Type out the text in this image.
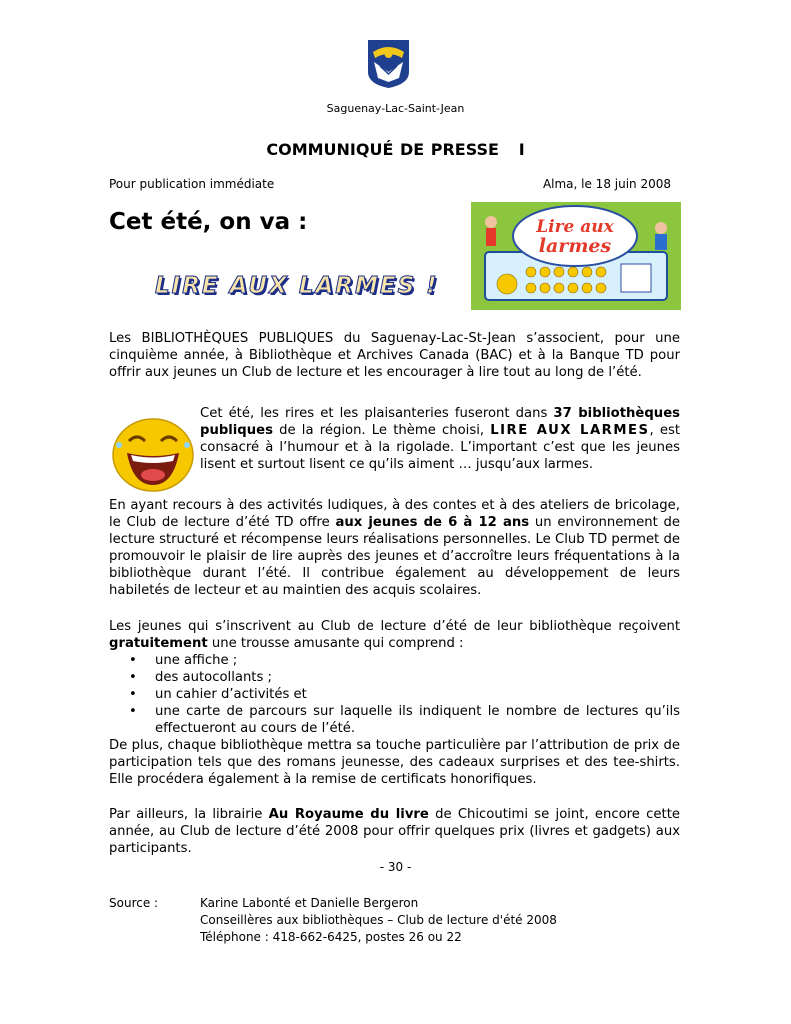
Saguenay-Lac-Saint-Jean
COMMUNIQUÉ DE PRESSE I
Pour publication immédiate	Alma, le 18 juin 2008
Cet été, on va :
LIRE AUX LARMES !
Lire aux
larmes
Les BIBLIOTHÈQUES PUBLIQUES du Saguenay-Lac-St-Jean s’associent, pour une cinquième année, à Bibliothèque et Archives Canada (BAC) et à la Banque TD pour offrir aux jeunes un Club de lecture et les encourager à lire tout au long de l’été.
Cet été, les rires et les plaisanteries fuseront dans 37 bibliothèques publiques de la région. Le thème choisi, LIRE AUX LARMES, est consacré à l’humour et à la rigolade. L’important c’est que les jeunes lisent et surtout lisent ce qu’ils aiment … jusqu’aux larmes.
En ayant recours à des activités ludiques, à des contes et à des ateliers de bricolage, le Club de lecture d’été TD offre aux jeunes de 6 à 12 ans un environnement de lecture structuré et récompense leurs réalisations personnelles. Le Club TD permet de promouvoir le plaisir de lire auprès des jeunes et d’accroître leurs fréquentations à la bibliothèque durant l’été. Il contribue également au développement de leurs habiletés de lecteur et au maintien des acquis scolaires.
Les jeunes qui s’inscrivent au Club de lecture d’été de leur bibliothèque reçoivent gratuitement une trousse amusante qui comprend :
• une affiche ;
• des autocollants ;
• un cahier d’activités et
• une carte de parcours sur laquelle ils indiquent le nombre de lectures qu’ils effectueront au cours de l’été.
De plus, chaque bibliothèque mettra sa touche particulière par l’attribution de prix de participation tels que des romans jeunesse, des cadeaux surprises et des tee-shirts. Elle procédera également à la remise de certificats honorifiques.
Par ailleurs, la librairie Au Royaume du livre de Chicoutimi se joint, encore cette année, au Club de lecture d’été 2008 pour offrir quelques prix (livres et gadgets) aux participants.
- 30 -
Source :	Karine Labonté et Danielle Bergeron
Conseillères aux bibliothèques – Club de lecture d'été 2008
Téléphone : 418-662-6425, postes 26 ou 22
